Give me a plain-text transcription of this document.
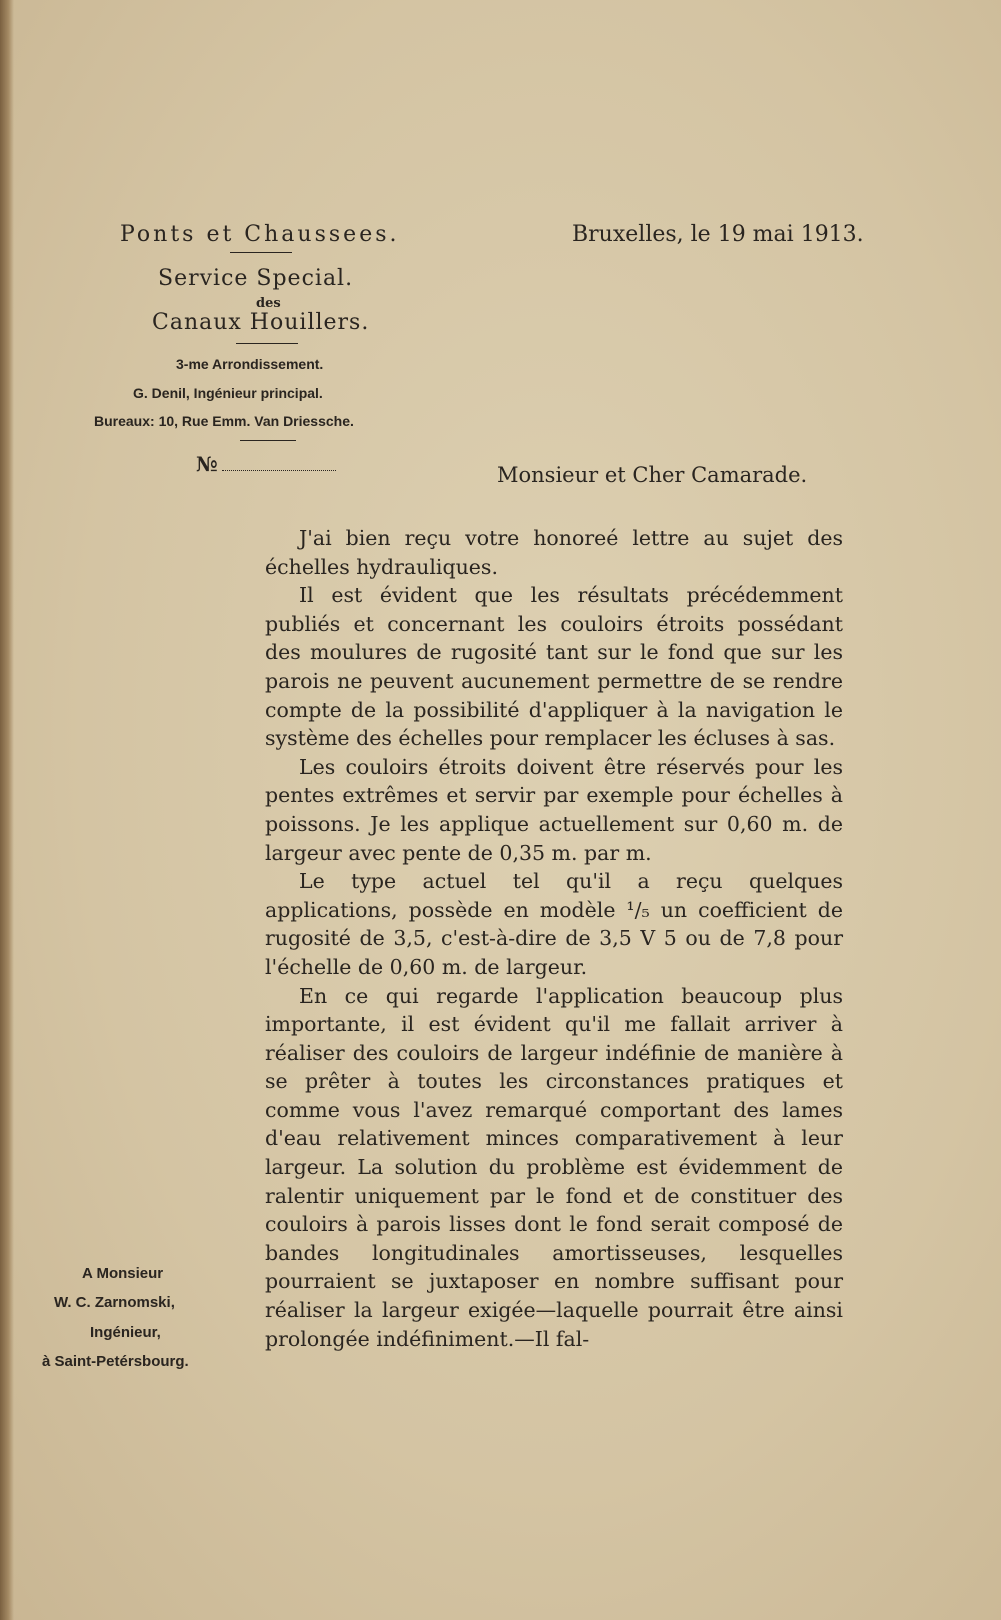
Ponts et Chaussees.	Bruxelles, le 19 mai 1913.
Service Special.
des
Canaux Houillers.
3-me Arrondissement.
G. Denil, Ingénieur principal.
Bureaux: 10, Rue Emm. Van Driessche.
№	Monsieur et Cher Camarade.

J'ai bien reçu votre honoreé lettre au sujet des échelles hydrauliques.

Il est évident que les résultats précédemment publiés et concernant les couloirs étroits possédant des moulures de rugosité tant sur le fond que sur les parois ne peuvent aucunement permettre de se rendre compte de la possibilité d'appliquer à la navigation le système des échelles pour remplacer les écluses à sas.

Les couloirs étroits doivent être réservés pour les pentes extrêmes et servir par exemple pour échelles à poissons. Je les applique actuellement sur 0,60 m. de largeur avec pente de 0,35 m. par m.

Le type actuel tel qu'il a reçu quelques applications, possède en modèle ¹/₅ un coefficient de rugosité de 3,5, c'est-à-dire de 3,5 V 5 ou de 7,8 pour l'échelle de 0,60 m. de largeur.

En ce qui regarde l'application beaucoup plus importante, il est évident qu'il me fallait arriver à réaliser des couloirs de largeur indéfinie de manière à se prêter à toutes les circonstances pratiques et comme vous l'avez remarqué comportant des lames d'eau relativement minces comparativement à leur largeur. La solution du problème est évidemment de ralentir uniquement par le fond et de constituer des couloirs à parois lisses dont le fond serait composé de bandes longitudinales amortisseuses, lesquelles pourraient se juxtaposer en nombre suffisant pour réaliser la largeur exigée—laquelle pourrait être ainsi prolongée indéfiniment.—Il fal-

A Monsieur
W. C. Zarnomski,
Ingénieur,
à Saint-Petérsbourg.
